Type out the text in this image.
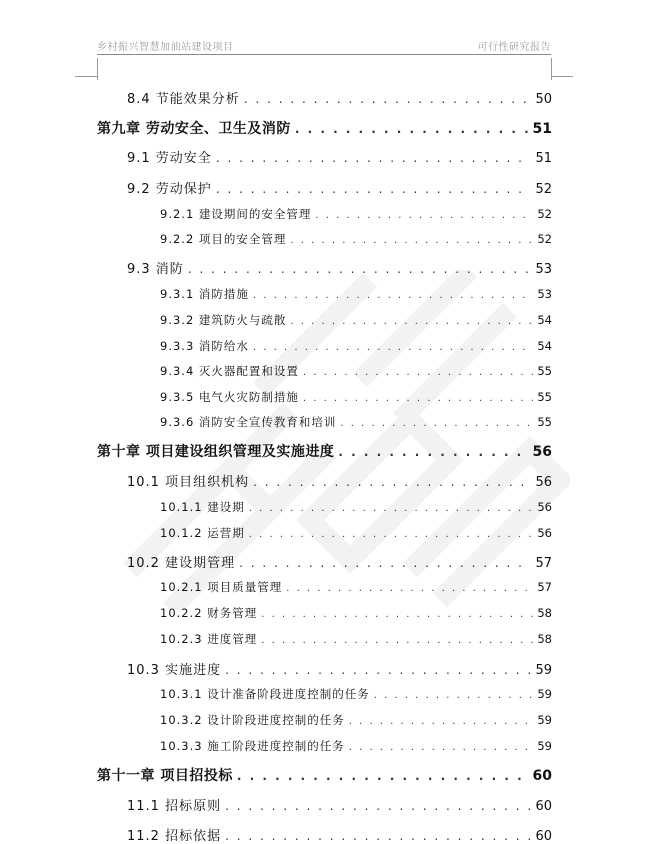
乡村振兴智慧加油站建设项目	可行性研究报告
8.4 节能效果分析 . . .	50
第九章 劳动安全、卫生及消防 . . .	51
9.1 劳动安全 . . .	51
9.2 劳动保护 . . .	52
9.2.1 建设期间的安全管理 . . .	52
9.2.2 项目的安全管理 . . .	52
9.3 消防 . . .	53
9.3.1 消防措施 . . .	53
9.3.2 建筑防火与疏散 . . .	54
9.3.3 消防给水 . . .	54
9.3.4 灭火器配置和设置 . . .	55
9.3.5 电气火灾防制措施 . . .	55
9.3.6 消防安全宣传教育和培训 . . .	55
第十章 项目建设组织管理及实施进度 . . .	56
10.1 项目组织机构 . . .	56
10.1.1 建设期 . . .	56
10.1.2 运营期 . . .	56
10.2 建设期管理 . . .	57
10.2.1 项目质量管理 . . .	57
10.2.2 财务管理 . . .	58
10.2.3 进度管理 . . .	58
10.3 实施进度 . . .	59
10.3.1 设计准备阶段进度控制的任务 . . .	59
10.3.2 设计阶段进度控制的任务 . . .	59
10.3.3 施工阶段进度控制的任务 . . .	59
第十一章 项目招投标 . . .	60
11.1 招标原则 . . .	60
11.2 招标依据 . . .	60
